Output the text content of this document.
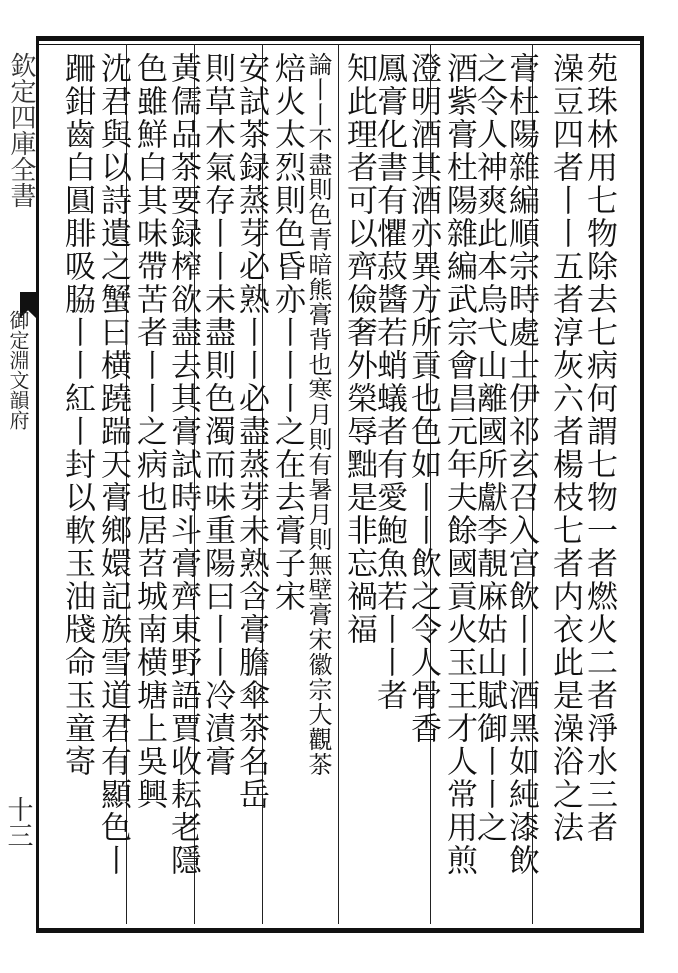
欽定四庫全書
御定淵文韻府
十三	苑珠林用七物除去七病何謂七物一者燃火二者淨水三者
澡豆四者丨丨五者淳灰六者楊枝七者内衣此是澡浴之法
膏杜陽雜編順宗時處士伊祁玄召入宫飲丨丨酒黑如純漆飲
之令人神爽此本烏弋山離國所獻李靚麻姑山賦御丨丨之
酒紫膏杜陽雜編武宗會昌元年夫餘國貢火玉王才人常用煎
澄明酒其酒亦異方所貢也色如丨丨飲之令人骨香
鳳膏化書有懼菽醬若蛸蟻者有愛鮑魚若丨丨者
知此理者可以齊儉奢外榮辱黜是非忘禍福
論丨丨不盡則色青暗熊膏背也寒月則有暑月則無壁膏宋徽宗大觀茶
焙火太烈則色昏亦丨丨丨之在去膏子宋
安試茶録蒸芽必熟丨丨必盡蒸芽未熟含膏膽傘茶名岳
則草木氣存丨丨未盡則色濁而味重陽曰丨丨冷漬膏
黃儒品茶要録榨欲盡去其膏試時斗膏齊東野語賈收耘老隱
色雖鮮白其味帶苦者丨丨之病也居苕城南横塘上吳興
沈君與以詩遺之蟹曰横蹺踹天膏鄉嬛記族雪道君有顯色丨
跚鉗齒白圓腓吸脇丨丨紅丨封以軟玉油牋命玉童寄
